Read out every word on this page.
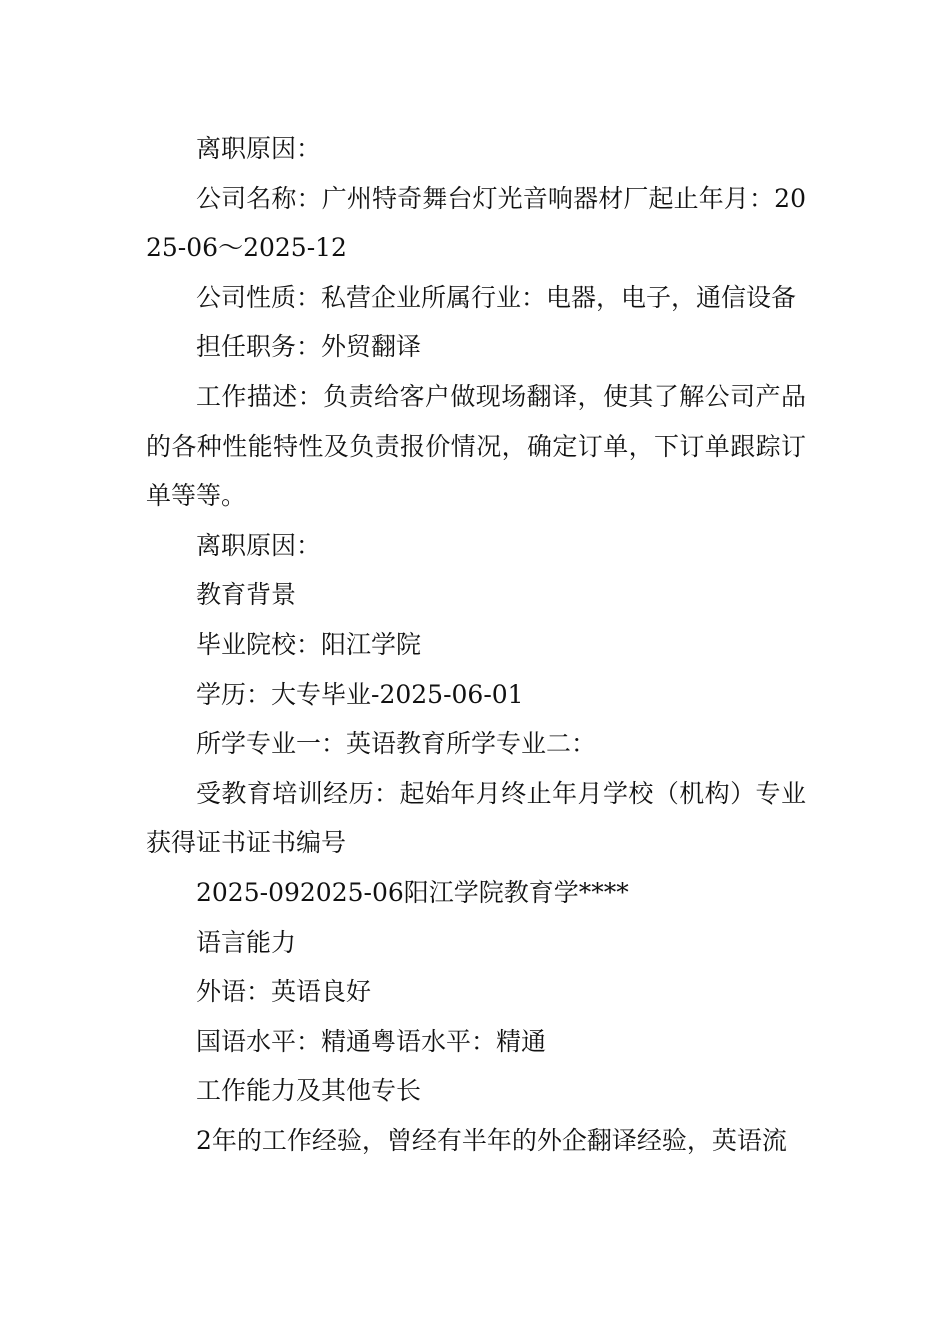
离职原因：

公司名称：广州特奇舞台灯光音响器材厂起止年月：2025-06～2025-12

公司性质：私营企业所属行业：电器，电子，通信设备

担任职务：外贸翻译

工作描述：负责给客户做现场翻译，使其了解公司产品的各种性能特性及负责报价情况，确定订单，下订单跟踪订单等等。

离职原因：

教育背景

毕业院校：阳江学院

学历：大专毕业-2025-06-01

所学专业一：英语教育所学专业二：

受教育培训经历：起始年月终止年月学校（机构）专业获得证书证书编号

2025-092025-06阳江学院教育学****

语言能力

外语：英语良好

国语水平：精通粤语水平：精通

工作能力及其他专长

2年的工作经验，曾经有半年的外企翻译经验，英语流
